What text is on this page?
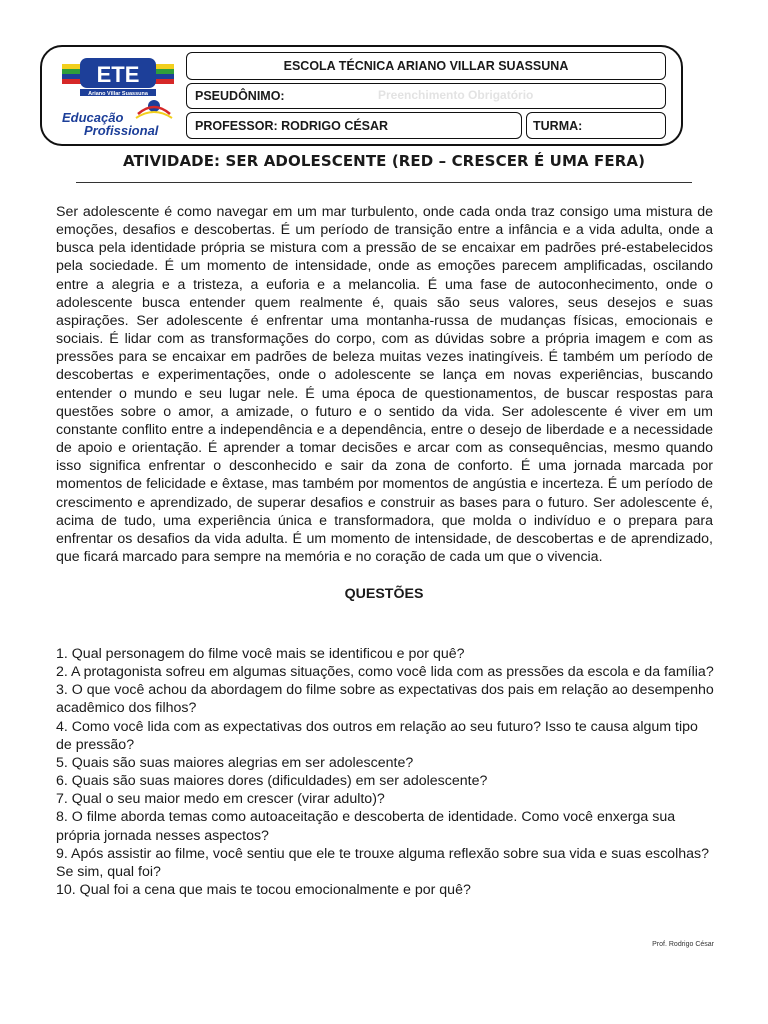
ETE
Ariano Villar Suassuna
Educação
Profissional
ESCOLA TÉCNICA ARIANO VILLAR SUASSUNA
PSEUDÔNIMO:	Preenchimento Obrigatório
PROFESSOR: RODRIGO CÉSAR	TURMA:
ATIVIDADE: SER ADOLESCENTE (RED – CRESCER É UMA FERA)

Ser adolescente é como navegar em um mar turbulento, onde cada onda traz consigo uma mistura de emoções, desafios e descobertas. É um período de transição entre a infância e a vida adulta, onde a busca pela identidade própria se mistura com a pressão de se encaixar em padrões pré-estabelecidos pela sociedade. É um momento de intensidade, onde as emoções parecem amplificadas, oscilando entre a alegria e a tristeza, a euforia e a melancolia. É uma fase de autoconhecimento, onde o adolescente busca entender quem realmente é, quais são seus valores, seus desejos e suas aspirações. Ser adolescente é enfrentar uma montanha-russa de mudanças físicas, emocionais e sociais. É lidar com as transformações do corpo, com as dúvidas sobre a própria imagem e com as pressões para se encaixar em padrões de beleza muitas vezes inatingíveis. É também um período de descobertas e experimentações, onde o adolescente se lança em novas experiências, buscando entender o mundo e seu lugar nele. É uma época de questionamentos, de buscar respostas para questões sobre o amor, a amizade, o futuro e o sentido da vida. Ser adolescente é viver em um constante conflito entre a independência e a dependência, entre o desejo de liberdade e a necessidade de apoio e orientação. É aprender a tomar decisões e arcar com as consequências, mesmo quando isso significa enfrentar o desconhecido e sair da zona de conforto. É uma jornada marcada por momentos de felicidade e êxtase, mas também por momentos de angústia e incerteza. É um período de crescimento e aprendizado, de superar desafios e construir as bases para o futuro. Ser adolescente é, acima de tudo, uma experiência única e transformadora, que molda o indivíduo e o prepara para enfrentar os desafios da vida adulta. É um momento de intensidade, de descobertas e de aprendizado, que ficará marcado para sempre na memória e no coração de cada um que o vivencia.

QUESTÕES
1. Qual personagem do filme você mais se identificou e por quê?
2. A protagonista sofreu em algumas situações, como você lida com as pressões da escola e da família?
3. O que você achou da abordagem do filme sobre as expectativas dos pais em relação ao desempenho acadêmico dos filhos?
4. Como você lida com as expectativas dos outros em relação ao seu futuro? Isso te causa algum tipo de pressão?
5. Quais são suas maiores alegrias em ser adolescente?
6. Quais são suas maiores dores (dificuldades) em ser adolescente?
7. Qual o seu maior medo em crescer (virar adulto)?
8. O filme aborda temas como autoaceitação e descoberta de identidade. Como você enxerga sua própria jornada nesses aspectos?
9. Após assistir ao filme, você sentiu que ele te trouxe alguma reflexão sobre sua vida e suas escolhas? Se sim, qual foi?
10. Qual foi a cena que mais te tocou emocionalmente e por quê?
Prof. Rodrigo César
